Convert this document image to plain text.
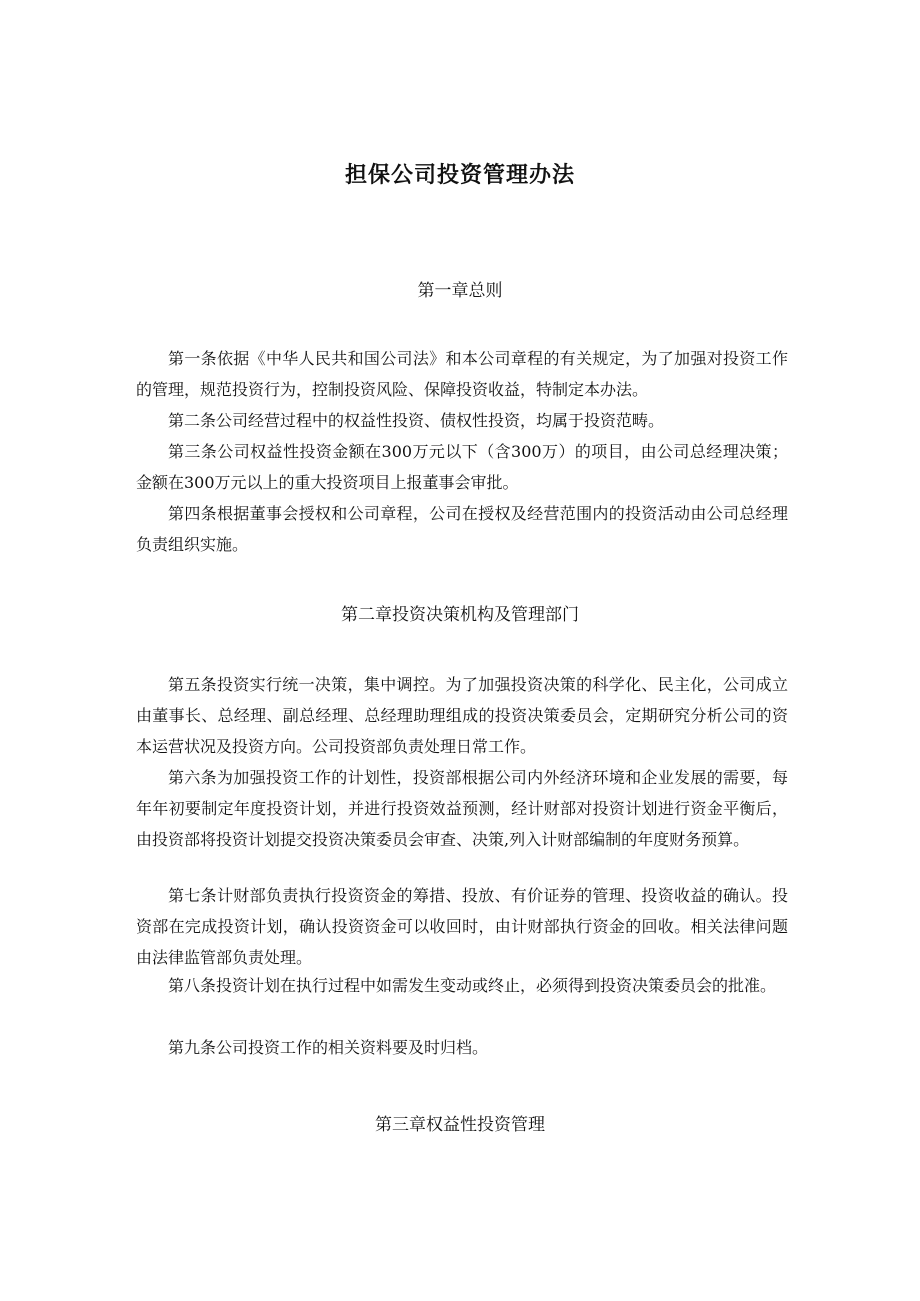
担保公司投资管理办法
第一章总则

第一条依据《中华人民共和国公司法》和本公司章程的有关规定，为了加强对投资工作的管理，规范投资行为，控制投资风险、保障投资收益，特制定本办法。

第二条公司经营过程中的权益性投资、债权性投资，均属于投资范畴。

第三条公司权益性投资金额在300万元以下（含300万）的项目，由公司总经理决策；金额在300万元以上的重大投资项目上报董事会审批。

第四条根据董事会授权和公司章程，公司在授权及经营范围内的投资活动由公司总经理负责组织实施。

第二章投资决策机构及管理部门

第五条投资实行统一决策，集中调控。为了加强投资决策的科学化、民主化，公司成立由董事长、总经理、副总经理、总经理助理组成的投资决策委员会，定期研究分析公司的资本运营状况及投资方向。公司投资部负责处理日常工作。

第六条为加强投资工作的计划性，投资部根据公司内外经济环境和企业发展的需要，每年年初要制定年度投资计划，并进行投资效益预测，经计财部对投资计划进行资金平衡后，由投资部将投资计划提交投资决策委员会审查、决策,列入计财部编制的年度财务预算。

第七条计财部负责执行投资资金的筹措、投放、有价证券的管理、投资收益的确认。投资部在完成投资计划，确认投资资金可以收回时，由计财部执行资金的回收。相关法律问题由法律监管部负责处理。

第八条投资计划在执行过程中如需发生变动或终止，必须得到投资决策委员会的批准。

第九条公司投资工作的相关资料要及时归档。

第三章权益性投资管理
